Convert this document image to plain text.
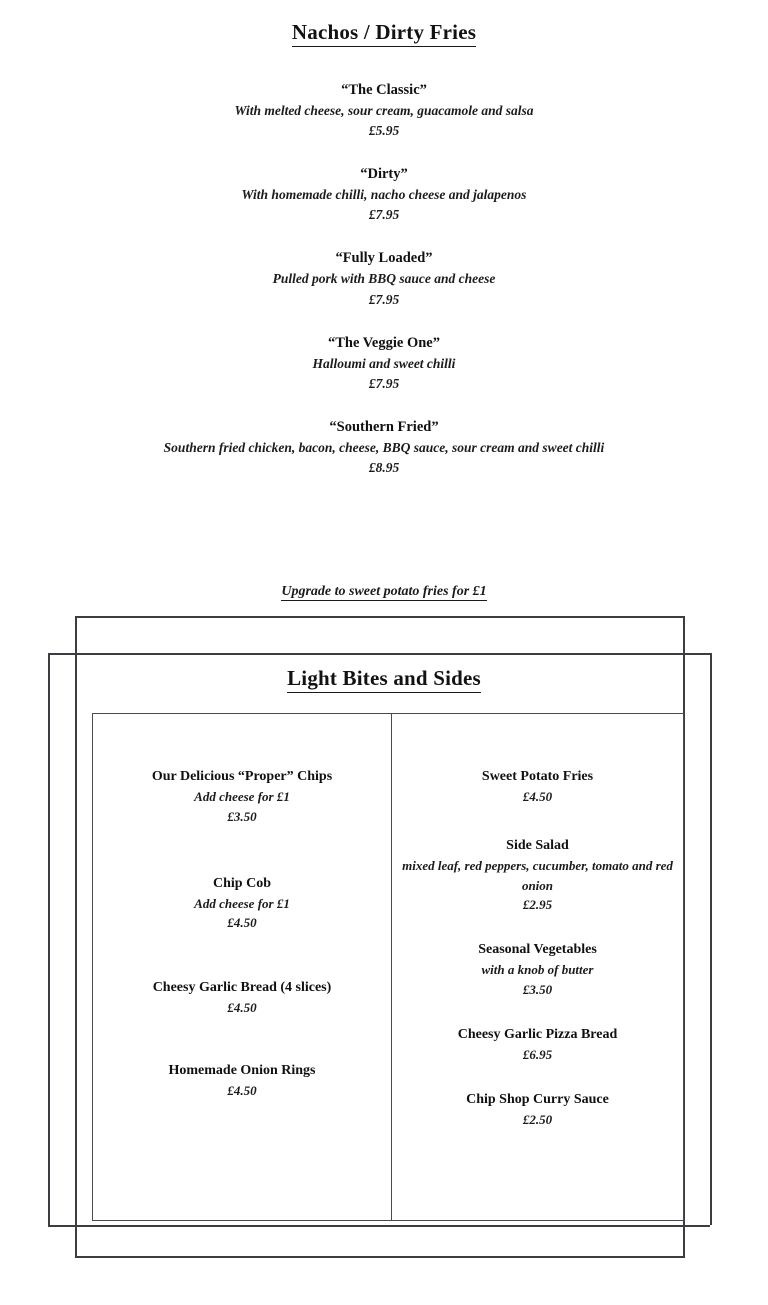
Nachos / Dirty Fries
“The Classic”
With melted cheese, sour cream, guacamole and salsa
£5.95
“Dirty”
With homemade chilli, nacho cheese and jalapenos
£7.95
“Fully Loaded”
Pulled pork with BBQ sauce and cheese
£7.95
“The Veggie One”
Halloumi and sweet chilli
£7.95
“Southern Fried”
Southern fried chicken, bacon, cheese, BBQ sauce, sour cream and sweet chilli
£8.95
Upgrade to sweet potato fries for £1
Light Bites and Sides
Our Delicious “Proper” Chips
Add cheese for £1
£3.50
Chip Cob
Add cheese for £1
£4.50
Cheesy Garlic Bread (4 slices)
£4.50
Homemade Onion Rings
£4.50
Sweet Potato Fries
£4.50
Side Salad
mixed leaf, red peppers, cucumber, tomato and red onion
£2.95
Seasonal Vegetables
with a knob of butter
£3.50
Cheesy Garlic Pizza Bread
£6.95
Chip Shop Curry Sauce
£2.50
